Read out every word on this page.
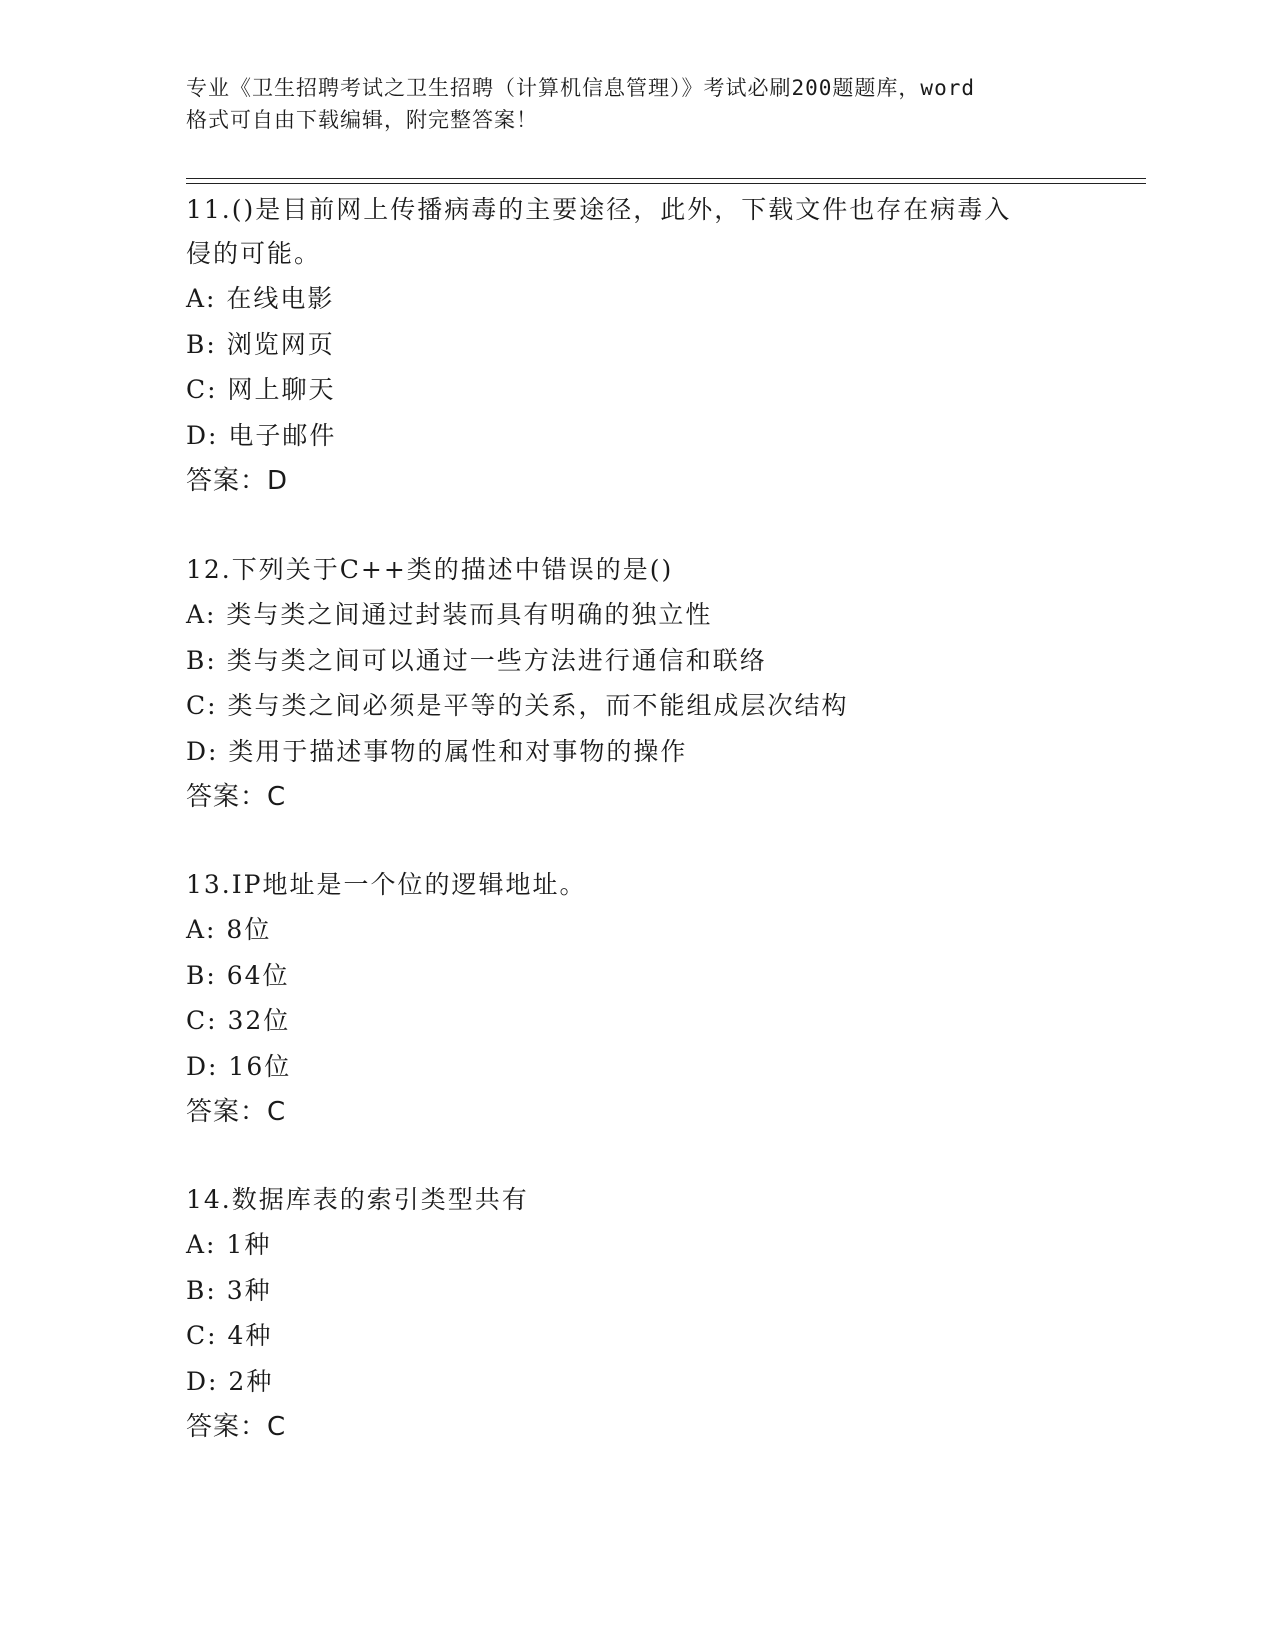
专业《卫生招聘考试之卫生招聘（计算机信息管理）》考试必刷200题题库，word
格式可自由下载编辑，附完整答案！
11.()是目前网上传播病毒的主要途径，此外，下载文件也存在病毒入
侵的可能。
A: 在线电影
B: 浏览网页
C: 网上聊天
D: 电子邮件
答案：D
12.下列关于C++类的描述中错误的是()
A: 类与类之间通过封装而具有明确的独立性
B: 类与类之间可以通过一些方法进行通信和联络
C: 类与类之间必须是平等的关系，而不能组成层次结构
D: 类用于描述事物的属性和对事物的操作
答案：C
13.IP地址是一个位的逻辑地址。
A: 8位
B: 64位
C: 32位
D: 16位
答案：C
14.数据库表的索引类型共有
A: 1种
B: 3种
C: 4种
D: 2种
答案：C
